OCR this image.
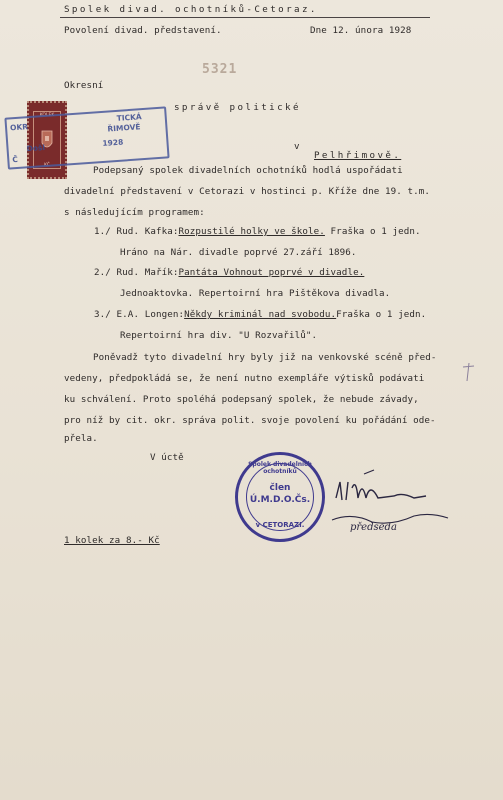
Spolek divad. ochotníků-Cetoraz.
Povolení divad. představení.	Dne 12. února 1928
5321
Okresní
správě politické
v
Pelhřimově.
Podepsaný spolek divadelních ochotníků hodlá uspořádati
divadelní představení v Cetorazi v hostinci p. Kříže dne 19. t.m.
s následujícím programem:
1./ Rud. Kafka:Rozpustilé holky ve škole. Fraška o 1 jedn.
Hráno na Nár. divadle poprvé 27.září 1896.
2./ Rud. Mařík:Pantáta Vohnout poprvé v divadle.
Jednoaktovka. Repertoirní hra Pištěkova divadla.
3./ E.A. Longen:Někdy kriminál nad svobodu.Fraška o 1 jedn.
Repertoirní hra div. "U Rozvařilů".
Poněvadž tyto divadelní hry byly již na venkovské scéně před-
vedeny, předpokládá se, že není nutno exempláře výtisků podávati
ku schválení. Proto spoléhá podepsaný spolek, že nebude závady,
pro níž by cit. okr. správa polit. svoje povolení ku pořádání ode-
přela.
V úctě
1 kolek za 8.- Kč
KOLEK
KČ
OKR
TICKÁ
ŘIMOVĚ
Došl
1928
Č
Spolek divadelních ochotníků
člen
Ú.M.D.O.Čs.
v CETORAZI.	předseda
